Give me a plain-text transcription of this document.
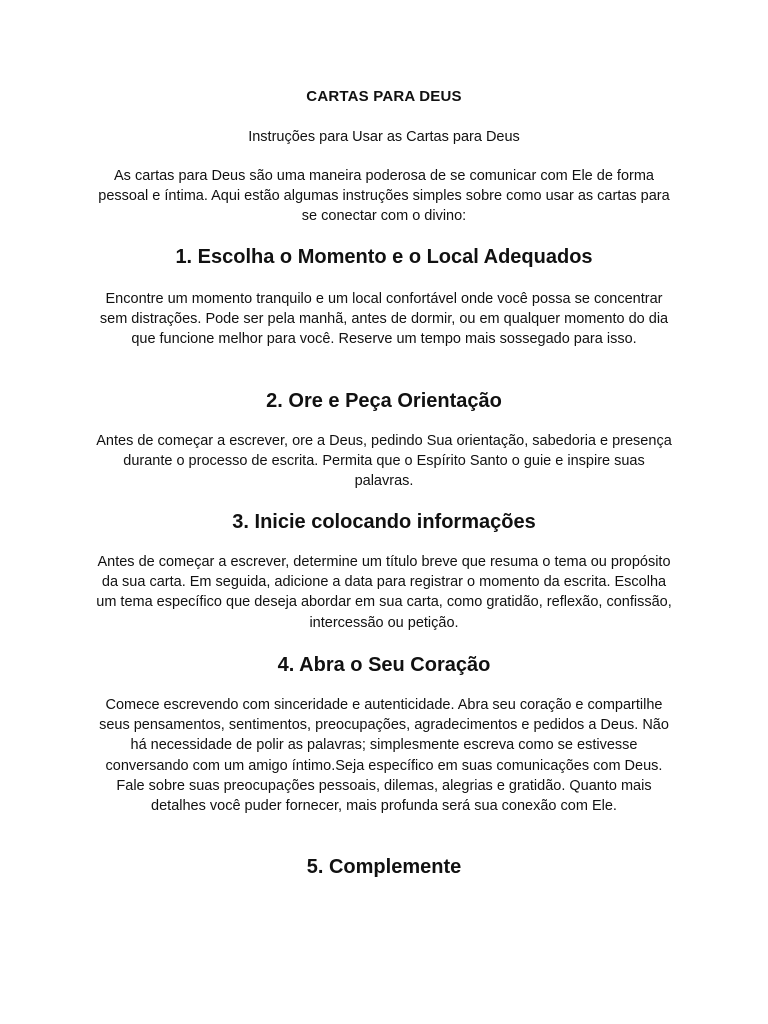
CARTAS PARA DEUS
Instruções para Usar as Cartas para Deus

As cartas para Deus são uma maneira poderosa de se comunicar com Ele de forma pessoal e íntima. Aqui estão algumas instruções simples sobre como usar as cartas para se conectar com o divino:

1. Escolha o Momento e o Local Adequados

Encontre um momento tranquilo e um local confortável onde você possa se concentrar sem distrações. Pode ser pela manhã, antes de dormir, ou em qualquer momento do dia que funcione melhor para você. Reserve um tempo mais sossegado para isso.

2. Ore e Peça Orientação

Antes de começar a escrever, ore a Deus, pedindo Sua orientação, sabedoria e presença durante o processo de escrita. Permita que o Espírito Santo o guie e inspire suas palavras.

3. Inicie colocando informações

Antes de começar a escrever, determine um título breve que resuma o tema ou propósito da sua carta. Em seguida, adicione a data para registrar o momento da escrita. Escolha um tema específico que deseja abordar em sua carta, como gratidão, reflexão, confissão, intercessão ou petição.

4. Abra o Seu Coração

Comece escrevendo com sinceridade e autenticidade. Abra seu coração e compartilhe seus pensamentos, sentimentos, preocupações, agradecimentos e pedidos a Deus. Não há necessidade de polir as palavras; simplesmente escreva como se estivesse conversando com um amigo íntimo.Seja específico em suas comunicações com Deus. Fale sobre suas preocupações pessoais, dilemas, alegrias e gratidão. Quanto mais detalhes você puder fornecer, mais profunda será sua conexão com Ele.

5. Complemente
